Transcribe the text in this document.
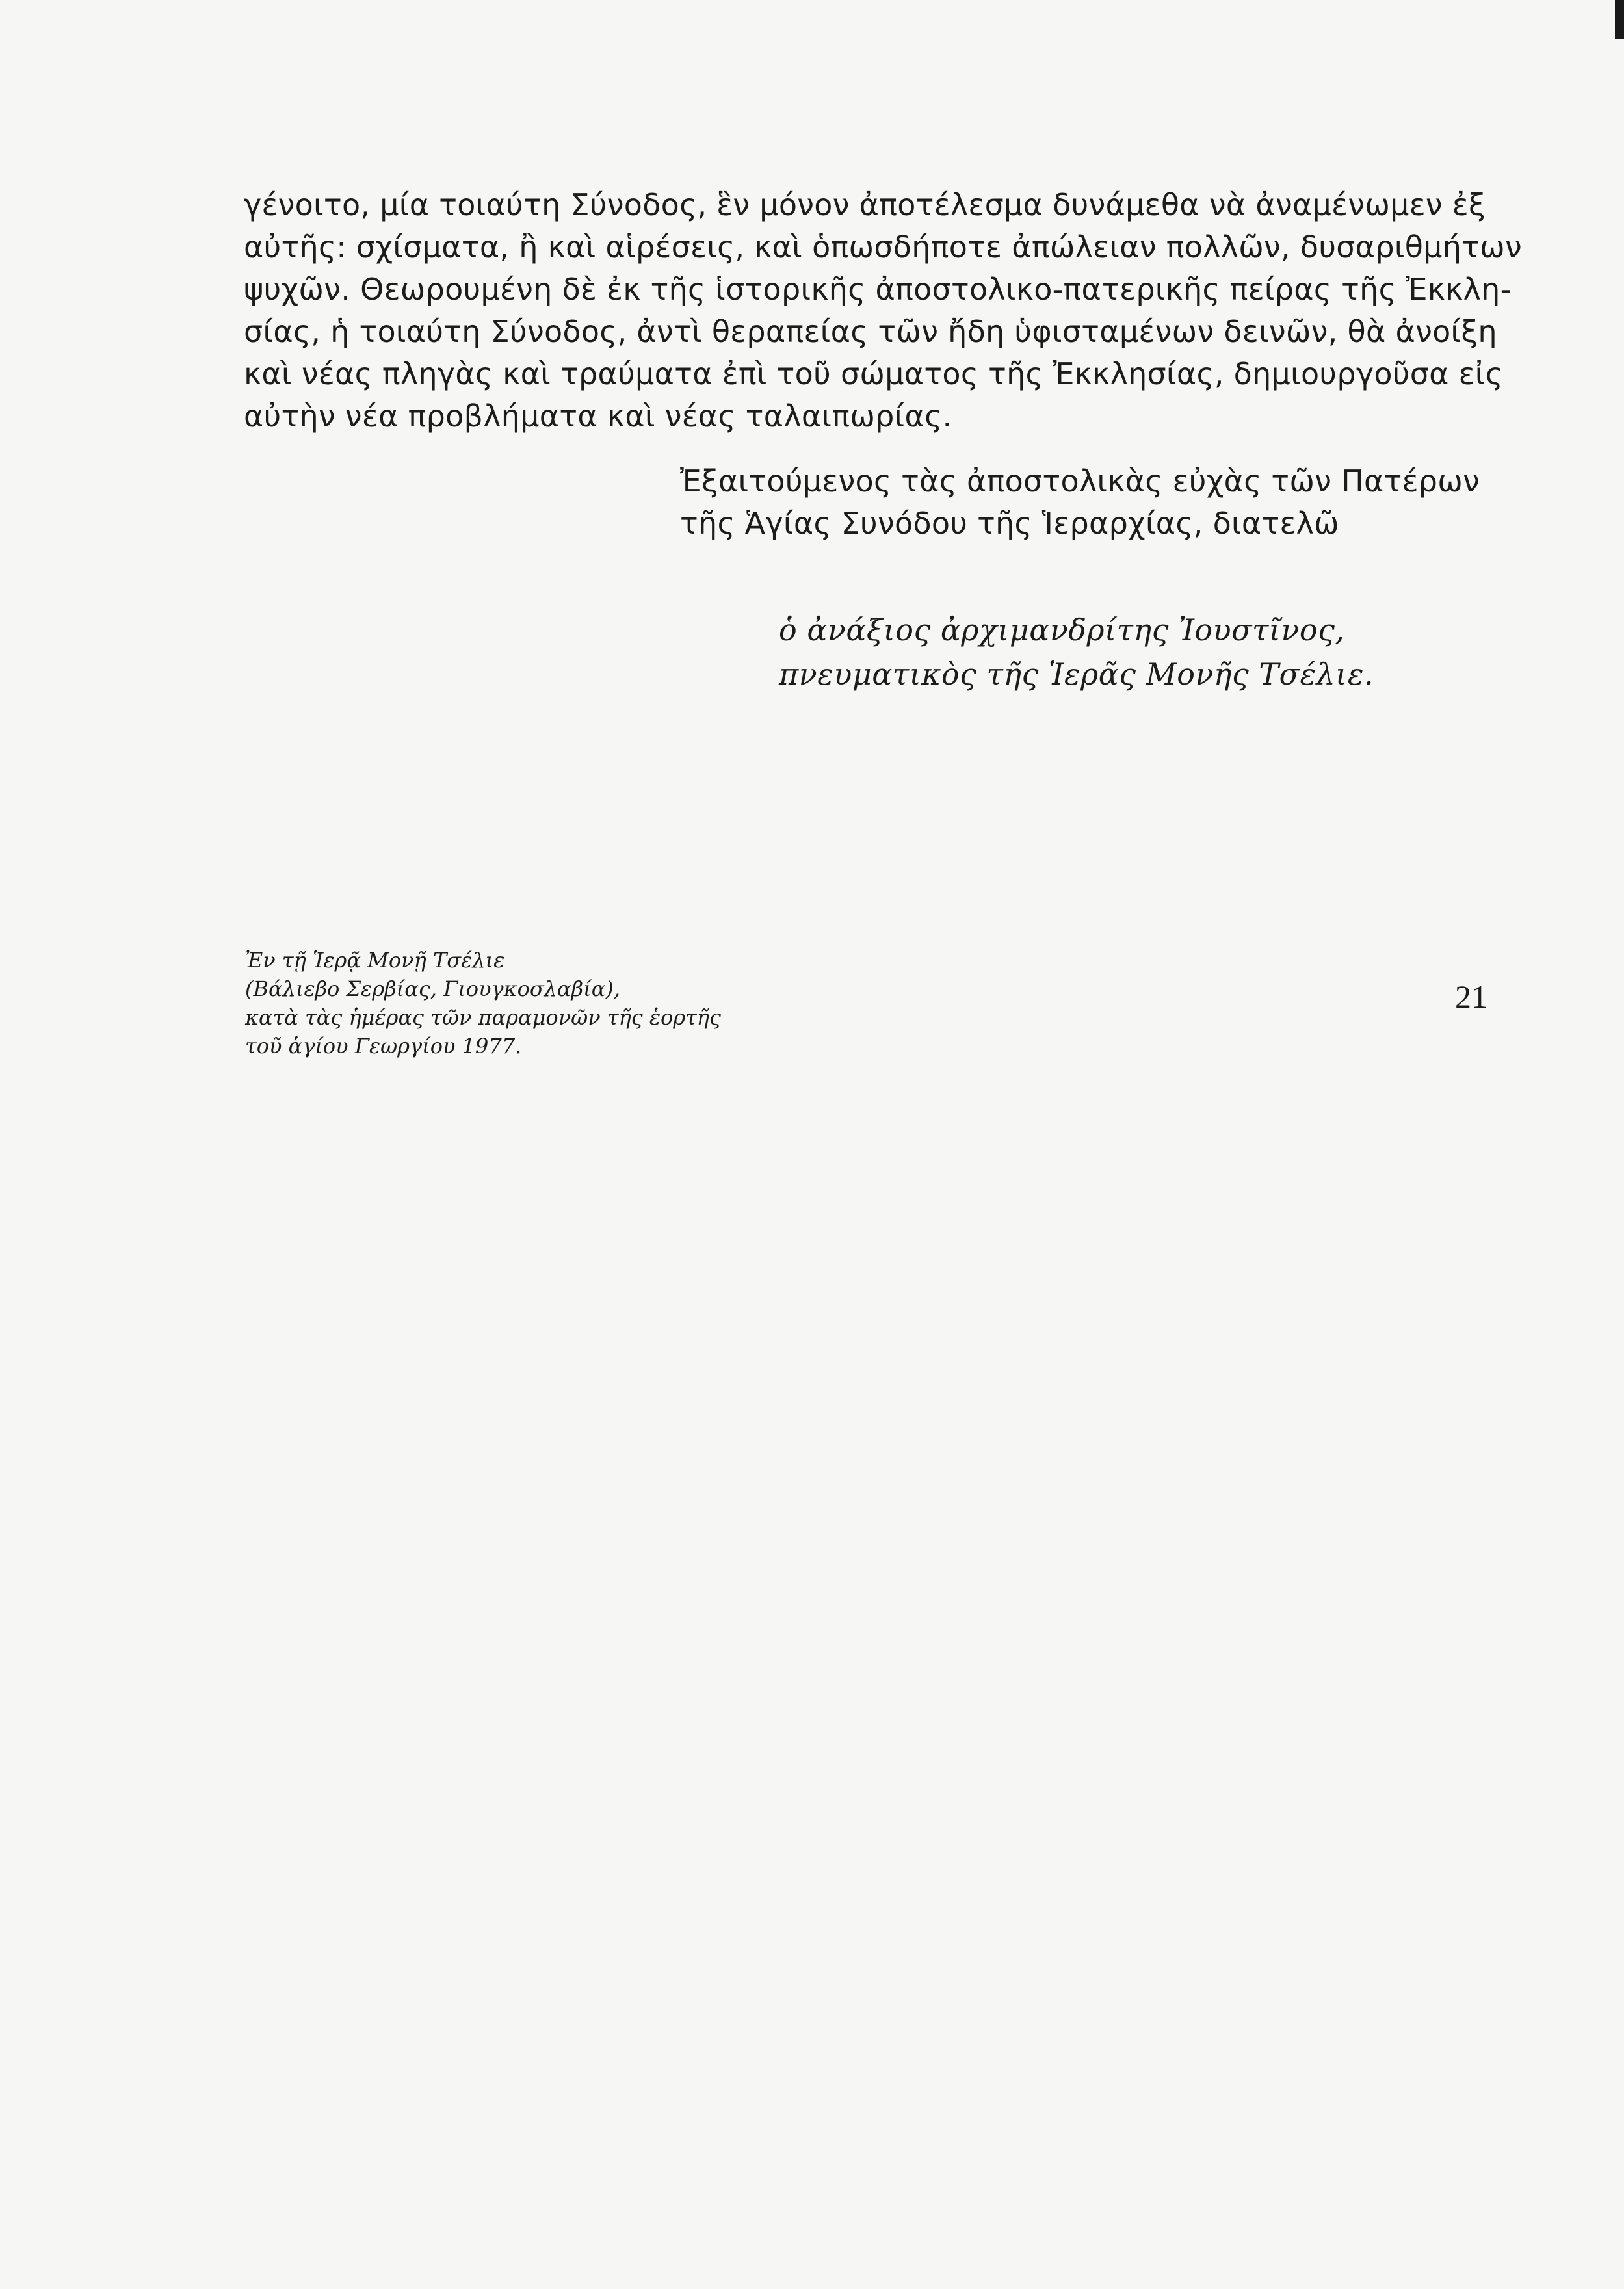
γένοιτο, μία τοιαύτη Σύνοδος, ἓν μόνον ἀποτέλεσμα δυνάμεθα νὰ ἀναμένωμεν ἐξ
αὐτῆς: σχίσματα, ἢ καὶ αἱρέσεις, καὶ ὁπωσδήποτε ἀπώλειαν πολλῶν, δυσαριθμήτων
ψυχῶν. Θεωρουμένη δὲ ἐκ τῆς ἱστορικῆς ἀποστολικο-πατερικῆς πείρας τῆς Ἐκκλη-
σίας, ἡ τοιαύτη Σύνοδος, ἀντὶ θεραπείας τῶν ἤδη ὑφισταμένων δεινῶν, θὰ ἀνοίξη
καὶ νέας πληγὰς καὶ τραύματα ἐπὶ τοῦ σώματος τῆς Ἐκκλησίας, δημιουργοῦσα εἰς
αὐτὴν νέα προβλήματα καὶ νέας ταλαιπωρίας.
Ἐξαιτούμενος τὰς ἀποστολικὰς εὐχὰς τῶν Πατέρων
τῆς Ἁγίας Συνόδου τῆς Ἱεραρχίας, διατελῶ
ὁ ἀνάξιος ἀρχιμανδρίτης Ἰουστῖνος,
πνευματικὸς τῆς Ἱερᾶς Μονῆς Τσέλιε.
Ἐν τῇ Ἱερᾷ Μονῇ Τσέλιε
(Βάλιεβο Σερβίας, Γιουγκοσλαβία),
κατὰ τὰς ἡμέρας τῶν παραμονῶν τῆς ἑορτῆς
τοῦ ἁγίου Γεωργίου 1977.
21
